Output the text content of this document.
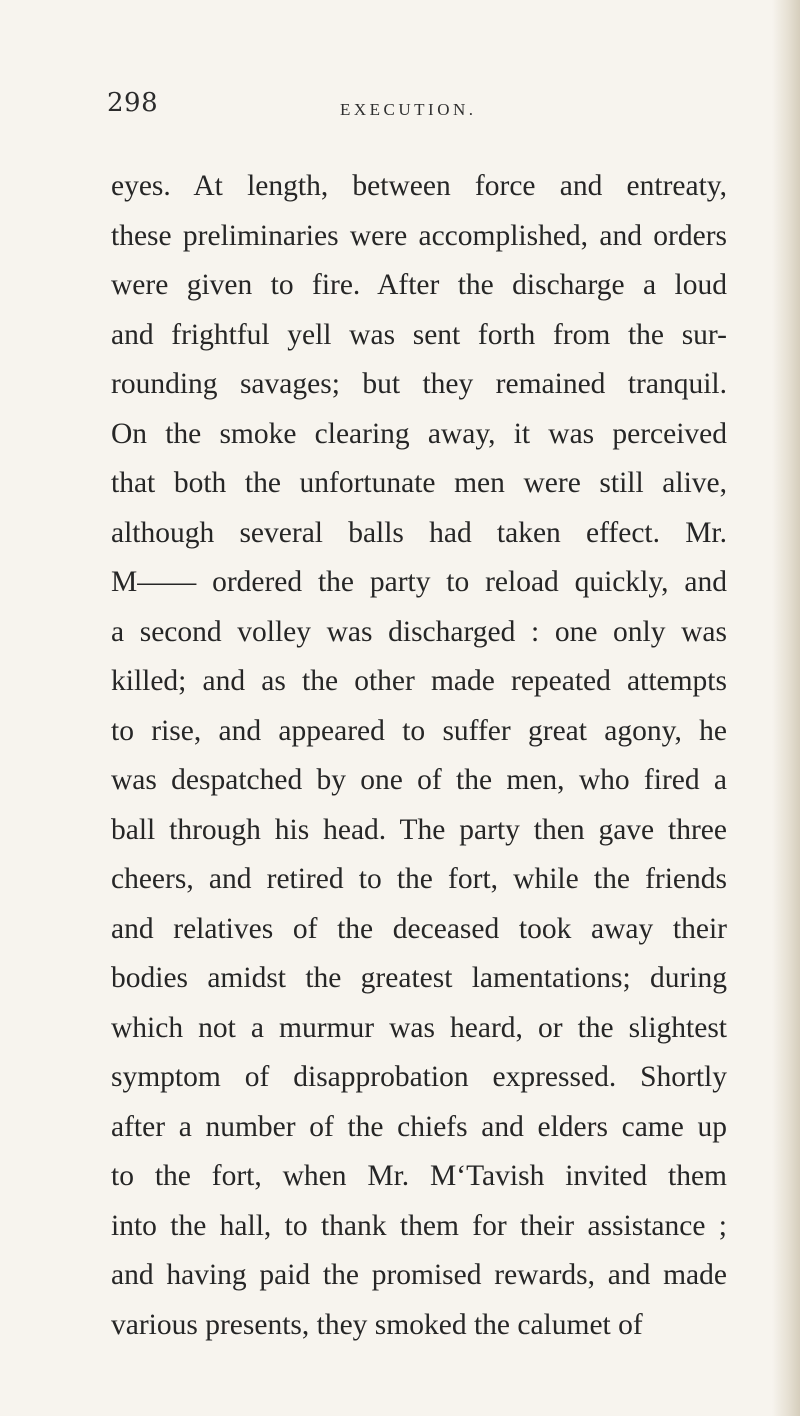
298	EXECUTION.
eyes. At length, between force and entreaty,
these preliminaries were accomplished, and orders
were given to fire. After the discharge a loud
and frightful yell was sent forth from the sur-
rounding savages; but they remained tranquil.
On the smoke clearing away, it was perceived
that both the unfortunate men were still alive,
although several balls had taken effect. Mr.
M—— ordered the party to reload quickly, and
a second volley was discharged : one only was
killed; and as the other made repeated attempts
to rise, and appeared to suffer great agony, he
was despatched by one of the men, who fired a
ball through his head. The party then gave three
cheers, and retired to the fort, while the friends
and relatives of the deceased took away their
bodies amidst the greatest lamentations; during
which not a murmur was heard, or the slightest
symptom of disapprobation expressed. Shortly
after a number of the chiefs and elders came up
to the fort, when Mr. M‘Tavish invited them
into the hall, to thank them for their assistance ;
and having paid the promised rewards, and made
various presents, they smoked the calumet of
